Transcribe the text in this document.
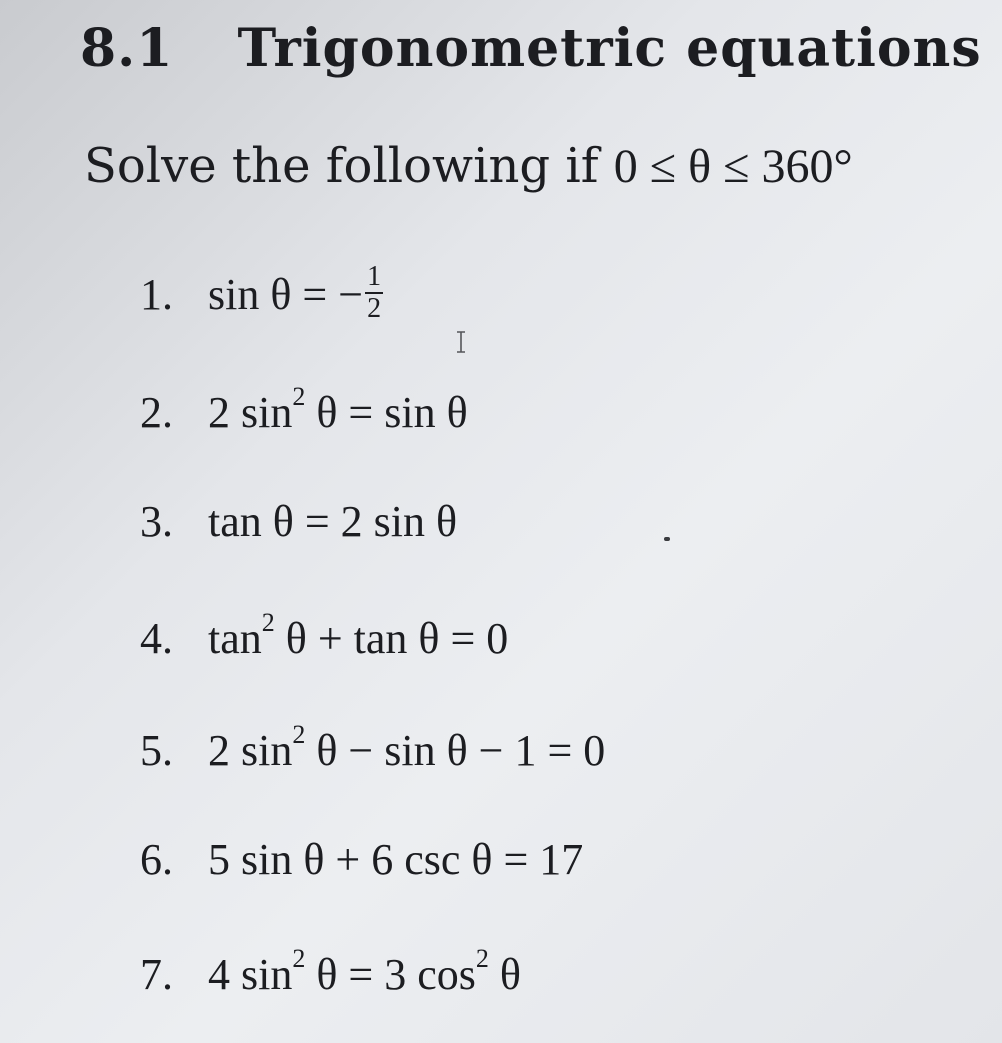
8.1 Trigonometric equations
Solve the following if 0 ≤ θ ≤ 360°
1. sin θ = − $\frac{1}{2}$
2. 2 $\sin^2 \theta = \sin \theta$
3. tan θ = 2 sin θ
4. $\tan^2 \theta + \tan \theta = 0$
5. 2 $\sin^2 \theta - \sin \theta - 1 = 0$
6. 5 sin θ + 6 csc θ = 17
7. 4 $\sin^2 \theta = 3$ $\cos^2 \theta$
